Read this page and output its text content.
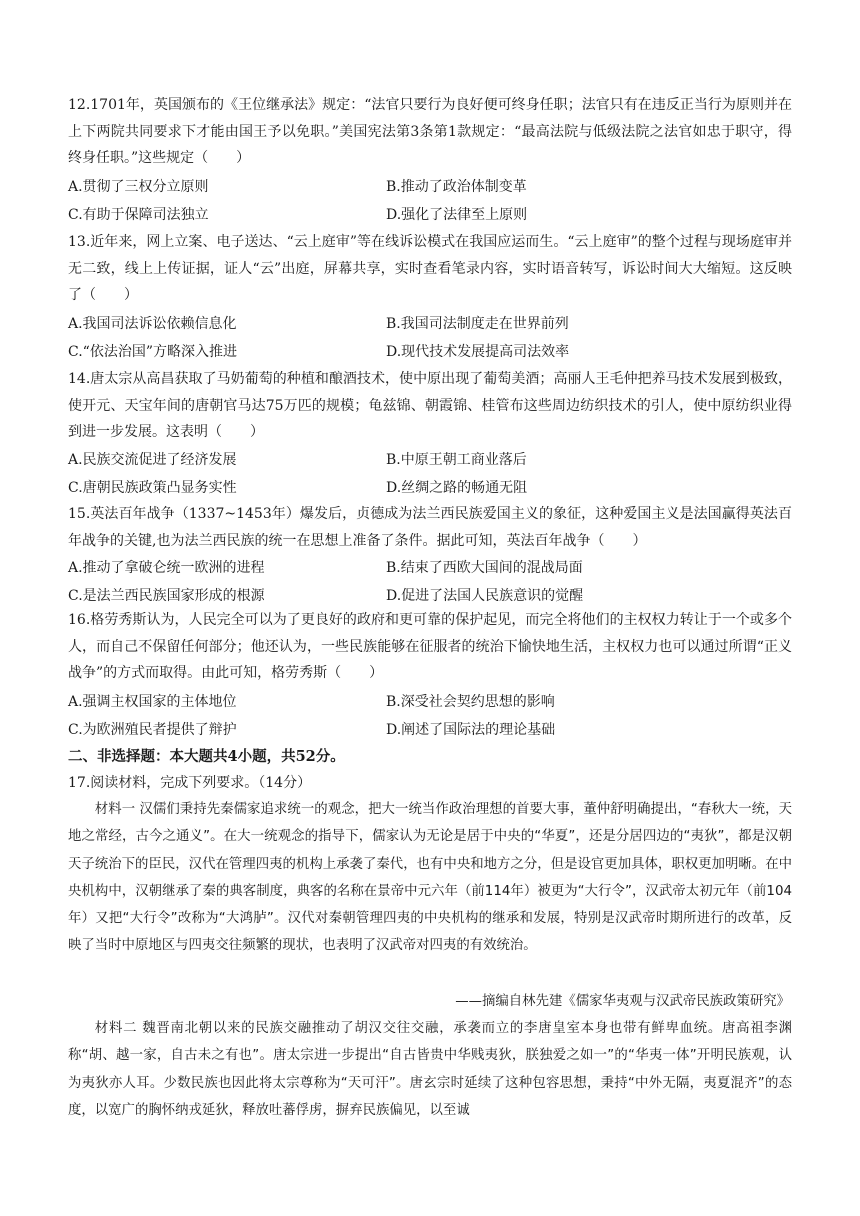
12.1701年，英国颁布的《王位继承法》规定：“法官只要行为良好便可终身任职；法官只有在违反正当行为原则并在上下两院共同要求下才能由国王予以免职。”美国宪法第3条第1款规定：“最高法院与低级法院之法官如忠于职守，得终身任职。”这些规定（　　）
A.贯彻了三权分立原则	B.推动了政治体制变革
C.有助于保障司法独立	D.强化了法律至上原则
13.近年来，网上立案、电子送达、“云上庭审”等在线诉讼模式在我国应运而生。“云上庭审”的整个过程与现场庭审并无二致，线上上传证据，证人“云”出庭，屏幕共享，实时查看笔录内容，实时语音转写，诉讼时间大大缩短。这反映了（　　）
A.我国司法诉讼依赖信息化	B.我国司法制度走在世界前列
C.“依法治国”方略深入推进	D.现代技术发展提高司法效率
14.唐太宗从高昌获取了马奶葡萄的种植和酿酒技术，使中原出现了葡萄美酒；高丽人王毛仲把养马技术发展到极致，使开元、天宝年间的唐朝官马达75万匹的规模；龟兹锦、朝霞锦、桂管布这些周边纺织技术的引人，使中原纺织业得到进一步发展。这表明（　　）
A.民族交流促进了经济发展	B.中原王朝工商业落后
C.唐朝民族政策凸显务实性	D.丝绸之路的畅通无阻
15.英法百年战争（1337~1453年）爆发后，贞德成为法兰西民族爱国主义的象征，这种爱国主义是法国赢得英法百年战争的关键,也为法兰西民族的统一在思想上准备了条件。据此可知，英法百年战争（　　）
A.推动了拿破仑统一欧洲的进程	B.结束了西欧大国间的混战局面
C.是法兰西民族国家形成的根源	D.促进了法国人民族意识的觉醒
16.格劳秀斯认为，人民完全可以为了更良好的政府和更可靠的保护起见，而完全将他们的主权权力转让于一个或多个人，而自己不保留任何部分；他还认为，一些民族能够在征服者的统治下愉快地生活，主权权力也可以通过所谓“正义战争”的方式而取得。由此可知，格劳秀斯（　　）
A.强调主权国家的主体地位	B.深受社会契约思想的影响
C.为欧洲殖民者提供了辩护	D.阐述了国际法的理论基础
二、非选择题：本大题共4小题，共52分。
17.阅读材料，完成下列要求。（14分）
材料一 汉儒们秉持先秦儒家追求统一的观念，把大一统当作政治理想的首要大事，董仲舒明确提出，“春秋大一统，天地之常经，古今之通义”。在大一统观念的指导下，儒家认为无论是居于中央的“华夏”，还是分居四边的“夷狄”，都是汉朝天子统治下的臣民，汉代在管理四夷的机构上承袭了秦代，也有中央和地方之分，但是设官更加具体，职权更加明晰。在中央机构中，汉朝继承了秦的典客制度，典客的名称在景帝中元六年（前114年）被更为“大行令”，汉武帝太初元年（前104年）又把“大行令”改称为“大鸿胪”。汉代对秦朝管理四夷的中央机构的继承和发展，特别是汉武帝时期所进行的改革，反映了当时中原地区与四夷交往频繁的现状，也表明了汉武帝对四夷的有效统治。
——摘编自林先建《儒家华夷观与汉武帝民族政策研究》
材料二 魏晋南北朝以来的民族交融推动了胡汉交往交融，承袭而立的李唐皇室本身也带有鲜卑血统。唐高祖李渊称“胡、越一家，自古未之有也”。唐太宗进一步提出“自古皆贵中华贱夷狄，朕独爱之如一”的“华夷一体”开明民族观，认为夷狄亦人耳。少数民族也因此将太宗尊称为“天可汗”。唐玄宗时延续了这种包容思想，秉持“中外无隔，夷夏混齐”的态度，以宽广的胸怀纳戎延狄，释放吐蕃俘虏，摒弃民族偏见，以至诚
